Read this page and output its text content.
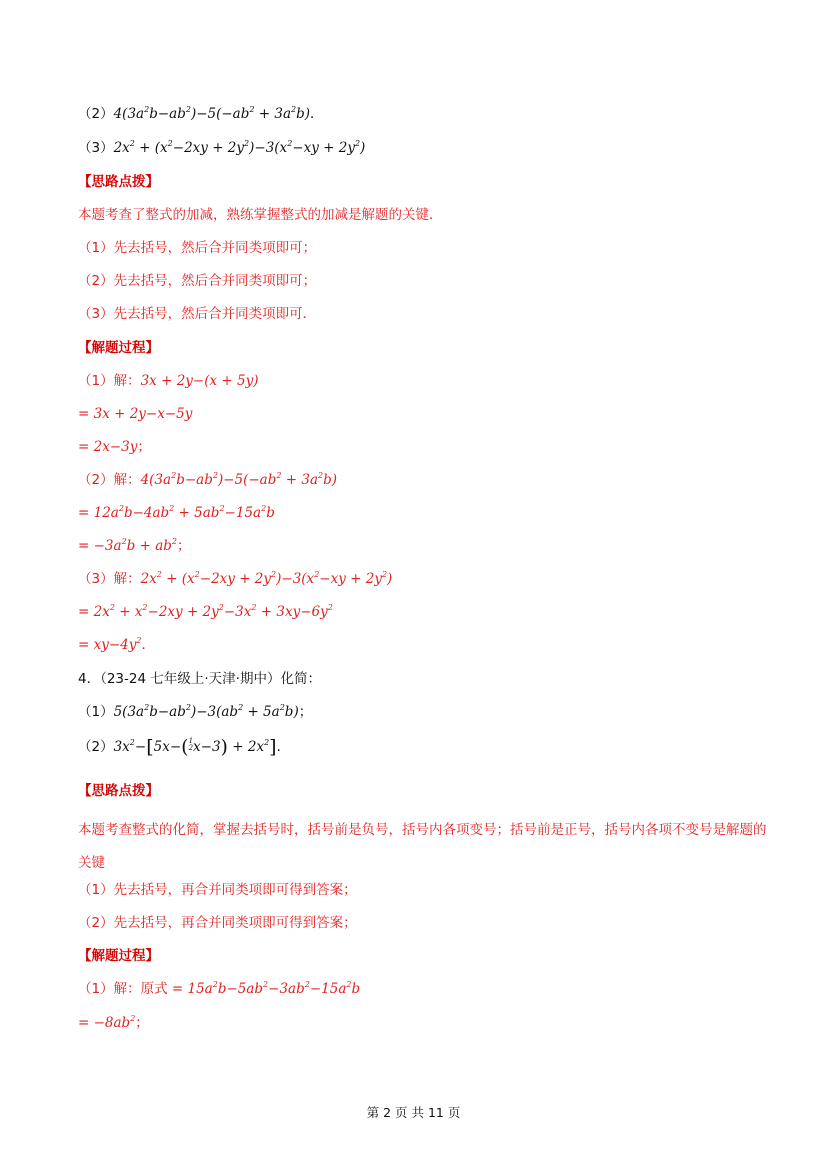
$(2)4(3a^2b-ab^2)-5(-ab^2 + 3a^2b)$．
$(3)2x^2 + (x^2-2xy + 2y^2)-3(x^2-xy + 2y^2)$
【思路点拨】
本题考查了整式的加减，熟练掌握整式的加减是解题的关键．
（1）先去括号，然后合并同类项即可；
（2）先去括号，然后合并同类项即可；
（3）先去括号，然后合并同类项即可．
【解题过程】
（1）解：3x + 2y−(x + 5y)
= 3x + 2y−x−5y
= 2x−3y；
（2）解：$4(3a^2b-ab^2)-5(-ab^2 + 3a^2b)$
= $12a^2b-4ab^2 + 5ab^2-15a^2b$
= $-3a^2b + ab^2$；
（3）解：$2x^2 + (x^2-2xy + 2y^2)-3(x^2-xy + 2y^2)$
= $2x^2 + x^2-2xy + 2y^2-3x^2 + 3xy-6y^2$
= $xy-4y^2$．
4．（23-24 七年级上·天津·期中）化简：
$(1)5(3a^2b-ab^2)-3(ab^2 + 5a^2b)$；
$(2)3x^2-[5x-(1$
$2x-3) + 2x^2$]．
【思路点拨】
本题考查整式的化简，掌握去括号时，括号前是负号，括号内各项变号；括号前是正号，括号内各项不变号是解题的关键
（1）先去括号，再合并同类项即可得到答案；
（2）先去括号，再合并同类项即可得到答案；
【解题过程】
（1）解：原式 = $15a^2b-5ab^2-3ab^2-15a^2b$
= $-8ab^2$；
第 2 页 共 11 页
